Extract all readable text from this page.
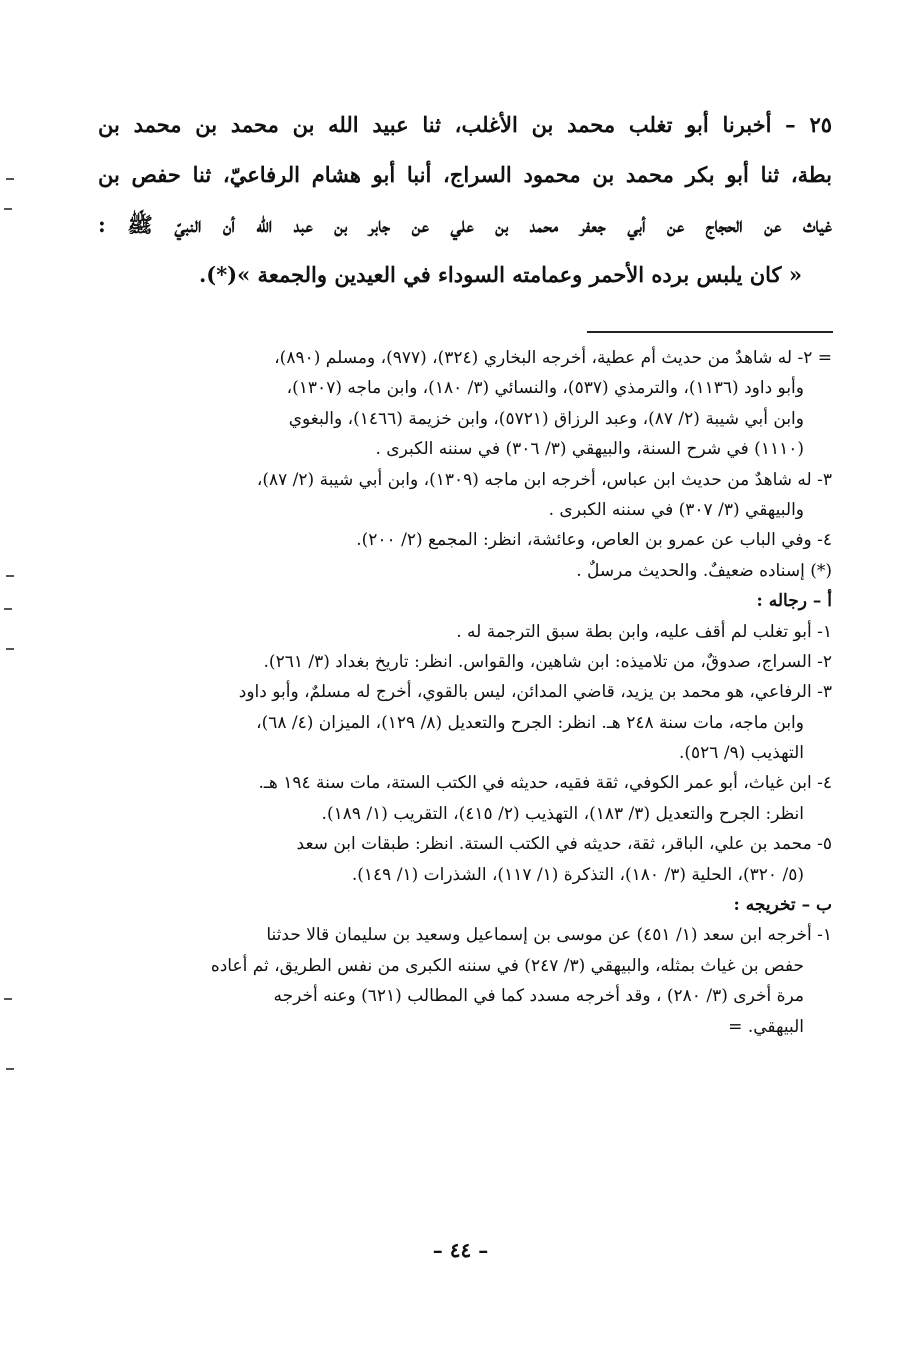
٢٥ – أخبرنا أبو تغلب محمد بن الأغلب، ثنا عبيد الله بن محمد بن محمد بن
بطة، ثنا أبو بكر محمد بن محمود السراج، أنبا أبو هشام الرفاعيّ، ثنا حفص بن
غياث عن الحجاج عن أبي جعفر محمد بن علي عن جابر بن عبد الله أن النبيّ ﷺ :
« كان يلبس برده الأحمر وعمامته السوداء في العيدين والجمعة »(*).
= ٢- له شاهدٌ من حديث أم عطية، أخرجه البخاري (٣٢٤)، (٩٧٧)، ومسلم (٨٩٠)،
وأبو داود (١١٣٦)، والترمذي (٥٣٧)، والنسائي (٣/ ١٨٠)، وابن ماجه (١٣٠٧)،
وابن أبي شيبة (٢/ ٨٧)، وعبد الرزاق (٥٧٢١)، وابن خزيمة (١٤٦٦)، والبغوي
(١١١٠) في شرح السنة، والبيهقي (٣/ ٣٠٦) في سننه الكبرى .
٣- له شاهدٌ من حديث ابن عباس، أخرجه ابن ماجه (١٣٠٩)، وابن أبي شيبة (٢/ ٨٧)،
والبيهقي (٣/ ٣٠٧) في سننه الكبرى .
٤- وفي الباب عن عمرو بن العاص، وعائشة، انظر: المجمع (٢/ ٢٠٠).
(*) إسناده ضعيفٌ. والحديث مرسلٌ .
أ – رجاله :
١- أبو تغلب لم أقف عليه، وابن بطة سبق الترجمة له .
٢- السراج، صدوقٌ، من تلاميذه: ابن شاهين، والقواس. انظر: تاريخ بغداد (٣/ ٢٦١).
٣- الرفاعي، هو محمد بن يزيد، قاضي المدائن، ليس بالقوي، أخرج له مسلمٌ، وأبو داود
وابن ماجه، مات سنة ٢٤٨ هـ. انظر: الجرح والتعديل (٨/ ١٢٩)، الميزان (٤/ ٦٨)،
التهذيب (٩/ ٥٢٦).
٤- ابن غياث، أبو عمر الكوفي، ثقة فقيه، حديثه في الكتب الستة، مات سنة ١٩٤ هـ.
انظر: الجرح والتعديل (٣/ ١٨٣)، التهذيب (٢/ ٤١٥)، التقريب (١/ ١٨٩).
٥- محمد بن علي، الباقر، ثقة، حديثه في الكتب الستة. انظر: طبقات ابن سعد
(٥/ ٣٢٠)، الحلية (٣/ ١٨٠)، التذكرة (١/ ١١٧)، الشذرات (١/ ١٤٩).
ب – تخريجه :
١- أخرجه ابن سعد (١/ ٤٥١) عن موسى بن إسماعيل وسعيد بن سليمان قالا حدثنا
حفص بن غياث بمثله، والبيهقي (٣/ ٢٤٧) في سننه الكبرى من نفس الطريق، ثم أعاده
مرة أخرى (٣/ ٢٨٠) ، وقد أخرجه مسدد كما في المطالب (٦٢١) وعنه أخرجه
البيهقي. =
– ٤٤ –
